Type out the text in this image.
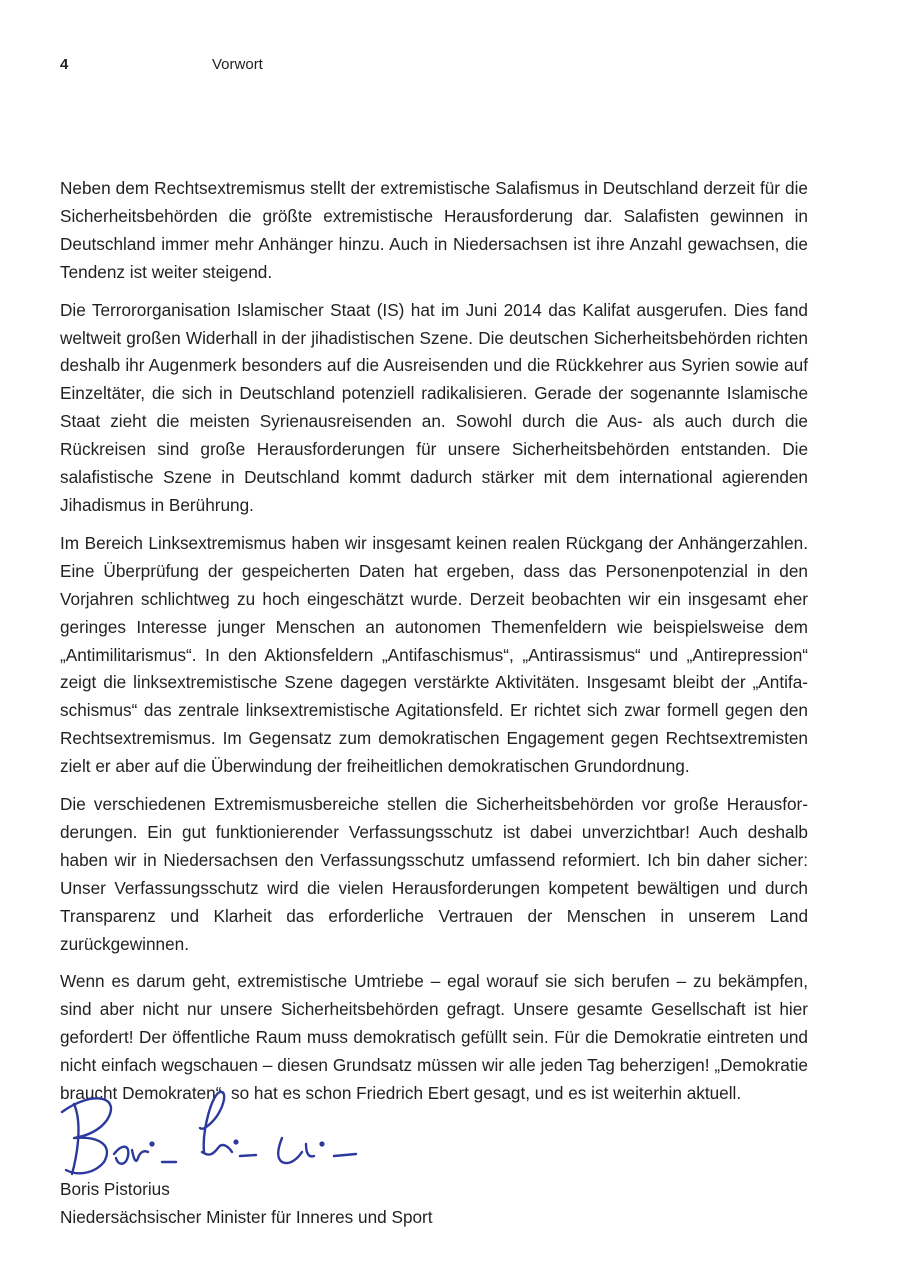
4	Vorwort

Neben dem Rechtsextremismus stellt der extremistische Salafismus in Deutschland derzeit für die Sicherheitsbehörden die größte extremistische Herausforderung dar. Salafisten gewinnen in Deutschland immer mehr Anhänger hinzu. Auch in Niedersachsen ist ihre Anzahl gewachsen, die Tendenz ist weiter steigend.

Die Terrororganisation Islamischer Staat (IS) hat im Juni 2014 das Kalifat ausgerufen. Dies fand weltweit großen Widerhall in der jihadistischen Szene. Die deutschen Sicherheitsbehörden richten deshalb ihr Augenmerk besonders auf die Ausreisenden und die Rückkehrer aus Syrien sowie auf Einzeltäter, die sich in Deutschland potenziell radikalisieren. Gerade der sogenannte Islamische Staat zieht die meisten Syrienausreisenden an. Sowohl durch die Aus- als auch durch die Rückreisen sind große Herausforderungen für unsere Sicherheitsbehörden entstanden. Die salafistische Szene in Deutschland kommt dadurch stärker mit dem international agierenden Jihadismus in Berührung.

Im Bereich Linksextremismus haben wir insgesamt keinen realen Rückgang der Anhängerzahlen. Eine Überprüfung der gespeicherten Daten hat ergeben, dass das Personenpotenzial in den Vorjahren schlichtweg zu hoch eingeschätzt wurde. Derzeit beobachten wir ein insgesamt eher geringes Interesse junger Menschen an autonomen Themenfeldern wie beispielsweise dem „Antimilitarismus“. In den Aktionsfeldern „Antifaschismus“, „Antirassismus“ und „Antirepression“ zeigt die linksextremistische Szene dagegen verstärkte Aktivitäten. Insgesamt bleibt der „Antifaschismus“ das zentrale linksextremistische Agitationsfeld. Er richtet sich zwar formell gegen den Rechtsextremismus. Im Gegensatz zum demokratischen Engagement gegen Rechtsextremisten zielt er aber auf die Überwindung der freiheitlichen demokratischen Grundordnung.

Die verschiedenen Extremismusbereiche stellen die Sicherheitsbehörden vor große Herausforderungen. Ein gut funktionierender Verfassungsschutz ist dabei unverzichtbar! Auch deshalb haben wir in Niedersachsen den Verfassungsschutz umfassend reformiert. Ich bin daher sicher: Unser Verfassungsschutz wird die vielen Herausforderungen kompetent bewältigen und durch Transparenz und Klarheit das erforderliche Vertrauen der Menschen in unserem Land zurückgewinnen.

Wenn es darum geht, extremistische Umtriebe – egal worauf sie sich berufen – zu bekämpfen, sind aber nicht nur unsere Sicherheitsbehörden gefragt. Unsere gesamte Gesellschaft ist hier gefordert! Der öffentliche Raum muss demokratisch gefüllt sein. Für die Demokratie eintreten und nicht einfach wegschauen – diesen Grundsatz müssen wir alle jeden Tag beherzigen! „Demokratie braucht Demokraten“, so hat es schon Friedrich Ebert gesagt, und es ist weiterhin aktuell.

Boris Pistorius
Niedersächsischer Minister für Inneres und Sport
